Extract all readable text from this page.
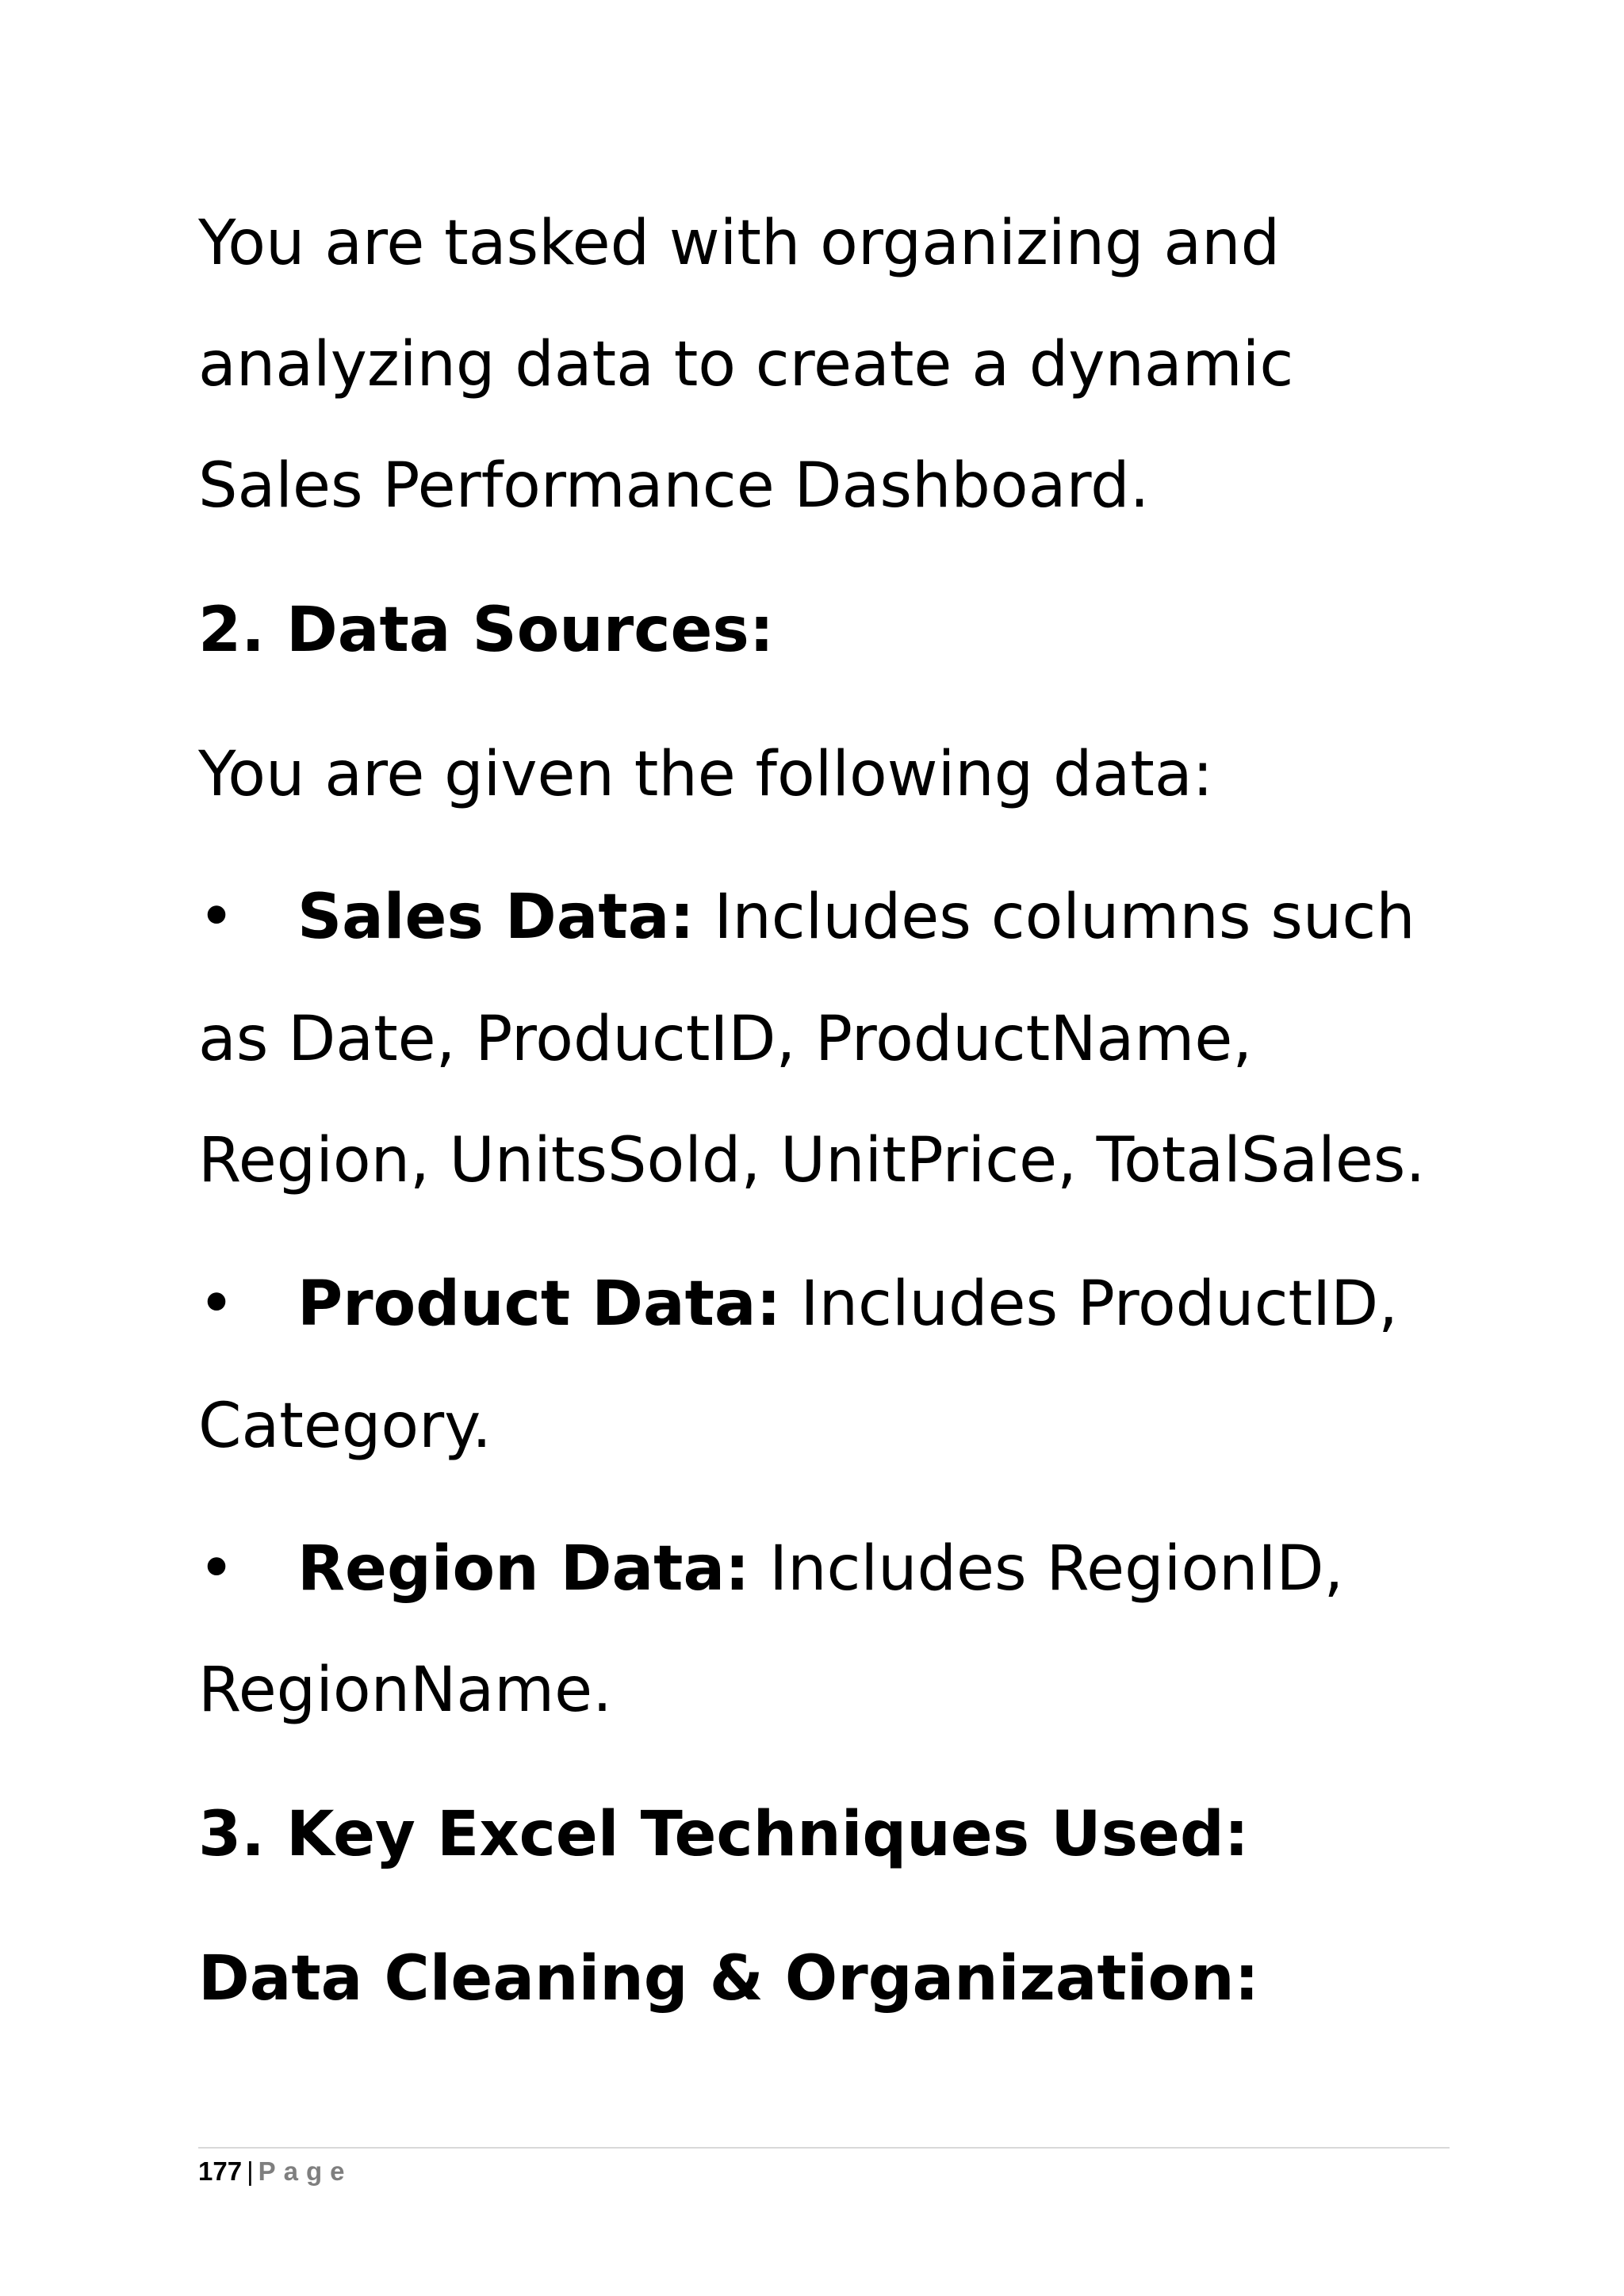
You are tasked with organizing and
analyzing data to create a dynamic
Sales Performance Dashboard.
2. Data Sources:
You are given the following data:
• Sales Data: Includes columns such
as Date, ProductID, ProductName,
Region, UnitsSold, UnitPrice, TotalSales.
• Product Data: Includes ProductID,
Category.
• Region Data: Includes RegionID,
RegionName.
3. Key Excel Techniques Used:
Data Cleaning & Organization:
177 | Page
